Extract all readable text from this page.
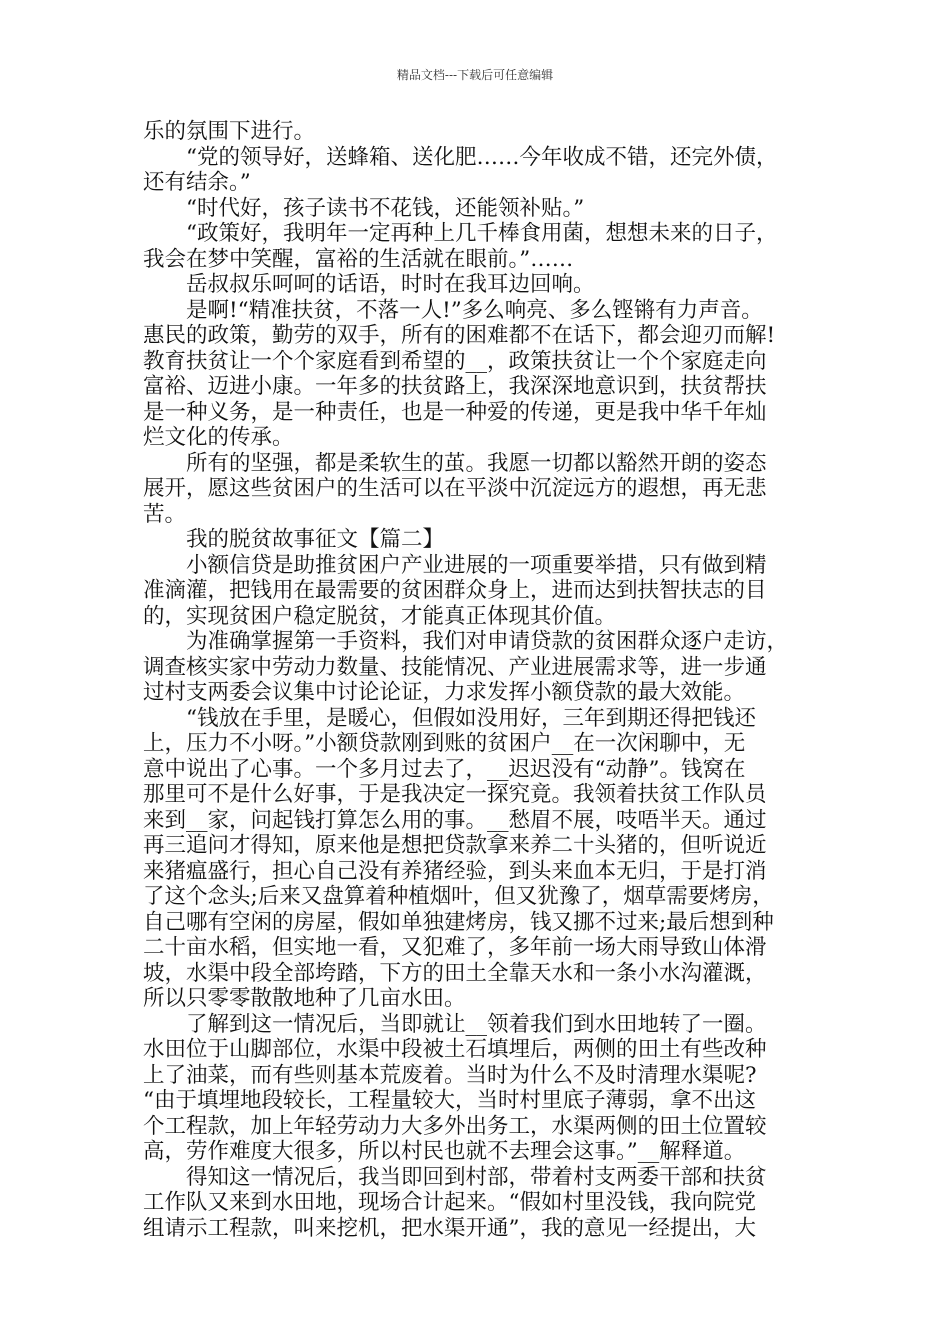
精品文档---下载后可任意编辑
乐的氛围下进行。
“党的领导好，送蜂箱、送化肥……今年收成不错，还完外债，
还有结余。”
“时代好，孩子读书不花钱，还能领补贴。”
“政策好，我明年一定再种上几千棒食用菌，想想未来的日子，
我会在梦中笑醒，富裕的生活就在眼前。”……
岳叔叔乐呵呵的话语，时时在我耳边回响。
是啊!“精准扶贫，不落一人!”多么响亮、多么铿锵有力声音。
惠民的政策，勤劳的双手，所有的困难都不在话下，都会迎刃而解!
教育扶贫让一个个家庭看到希望的__，政策扶贫让一个个家庭走向
富裕、迈进小康。一年多的扶贫路上，我深深地意识到，扶贫帮扶
是一种义务，是一种责任，也是一种爱的传递，更是我中华千年灿
烂文化的传承。
所有的坚强，都是柔软生的茧。我愿一切都以豁然开朗的姿态
展开，愿这些贫困户的生活可以在平淡中沉淀远方的遐想，再无悲
苦。
我的脱贫故事征文【篇二】
小额信贷是助推贫困户产业进展的一项重要举措，只有做到精
准滴灌，把钱用在最需要的贫困群众身上，进而达到扶智扶志的目
的，实现贫困户稳定脱贫，才能真正体现其价值。
为准确掌握第一手资料，我们对申请贷款的贫困群众逐户走访，
调查核实家中劳动力数量、技能情况、产业进展需求等，进一步通
过村支两委会议集中讨论论证，力求发挥小额贷款的最大效能。
“钱放在手里，是暖心，但假如没用好，三年到期还得把钱还
上，压力不小呀。”小额贷款刚到账的贫困户__在一次闲聊中，无
意中说出了心事。一个多月过去了，__迟迟没有“动静”。钱窝在
那里可不是什么好事，于是我决定一探究竟。我领着扶贫工作队员
来到__家，问起钱打算怎么用的事。__愁眉不展，吱唔半天。通过
再三追问才得知，原来他是想把贷款拿来养二十头猪的，但听说近
来猪瘟盛行，担心自己没有养猪经验，到头来血本无归，于是打消
了这个念头;后来又盘算着种植烟叶，但又犹豫了，烟草需要烤房，
自己哪有空闲的房屋，假如单独建烤房，钱又挪不过来;最后想到种
二十亩水稻，但实地一看，又犯难了，多年前一场大雨导致山体滑
坡，水渠中段全部垮踏，下方的田土全靠天水和一条小水沟灌溉，
所以只零零散散地种了几亩水田。
了解到这一情况后，当即就让__领着我们到水田地转了一圈。
水田位于山脚部位，水渠中段被土石填埋后，两侧的田土有些改种
上了油菜，而有些则基本荒废着。当时为什么不及时清理水渠呢?
“由于填埋地段较长，工程量较大，当时村里底子薄弱，拿不出这
个工程款，加上年轻劳动力大多外出务工，水渠两侧的田土位置较
高，劳作难度大很多，所以村民也就不去理会这事。”__解释道。
得知这一情况后，我当即回到村部，带着村支两委干部和扶贫
工作队又来到水田地，现场合计起来。“假如村里没钱，我向院党
组请示工程款，叫来挖机，把水渠开通”，我的意见一经提出，大
